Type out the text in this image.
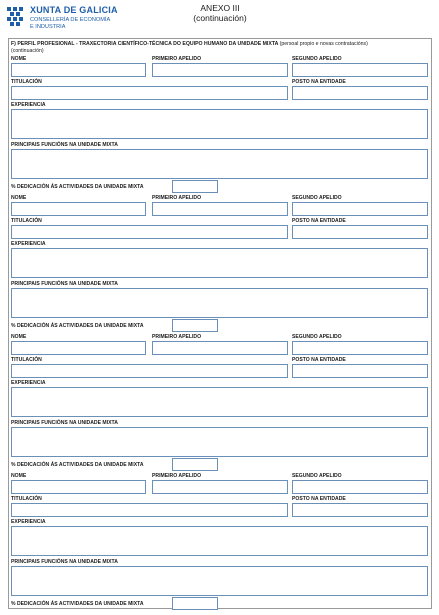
XUNTA DE GALICIA
CONSELLERÍA DE ECONOMÍA
E INDUSTRIA
ANEXO III
(continuación)
F) PERFIL PROFESIONAL - TRAXECTORIA CIENTÍFICO-TÉCNICA DO EQUIPO HUMANO DA UNIDADE MIXTA (persoal propio e novas contratacións)
(continuación)
NOME	PRIMEIRO APELIDO	SEGUNDO APELIDO
TITULACIÓN	POSTO NA ENTIDADE
EXPERIENCIA
PRINCIPAIS FUNCIÓNS NA UNIDADE MIXTA
% DEDICACIÓN ÁS ACTIVIDADES DA UNIDADE MIXTA
NOME	PRIMEIRO APELIDO	SEGUNDO APELIDO
TITULACIÓN	POSTO NA ENTIDADE
EXPERIENCIA
PRINCIPAIS FUNCIÓNS NA UNIDADE MIXTA
% DEDICACIÓN ÁS ACTIVIDADES DA UNIDADE MIXTA
NOME	PRIMEIRO APELIDO	SEGUNDO APELIDO
TITULACIÓN	POSTO NA ENTIDADE
EXPERIENCIA
PRINCIPAIS FUNCIÓNS NA UNIDADE MIXTA
% DEDICACIÓN ÁS ACTIVIDADES DA UNIDADE MIXTA
NOME	PRIMEIRO APELIDO	SEGUNDO APELIDO
TITULACIÓN	POSTO NA ENTIDADE
EXPERIENCIA
PRINCIPAIS FUNCIÓNS NA UNIDADE MIXTA
% DEDICACIÓN ÁS ACTIVIDADES DA UNIDADE MIXTA
